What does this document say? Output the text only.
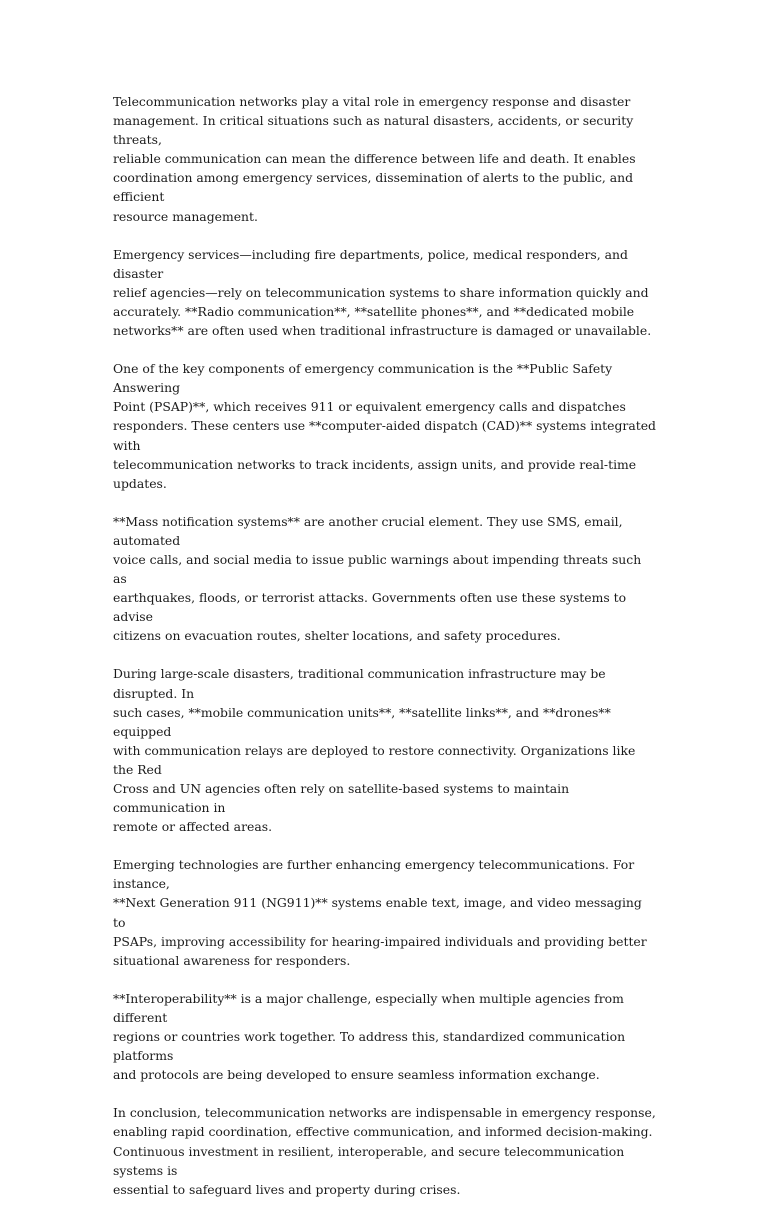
Telecommunication networks play a vital role in emergency response and disaster
management. In critical situations such as natural disasters, accidents, or security threats,
reliable communication can mean the difference between life and death. It enables
coordination among emergency services, dissemination of alerts to the public, and efficient
resource management.

Emergency services—including fire departments, police, medical responders, and disaster
relief agencies—rely on telecommunication systems to share information quickly and
accurately. **Radio communication**, **satellite phones**, and **dedicated mobile
networks** are often used when traditional infrastructure is damaged or unavailable.

One of the key components of emergency communication is the **Public Safety Answering
Point (PSAP)**, which receives 911 or equivalent emergency calls and dispatches
responders. These centers use **computer-aided dispatch (CAD)** systems integrated with
telecommunication networks to track incidents, assign units, and provide real-time updates.

**Mass notification systems** are another crucial element. They use SMS, email, automated
voice calls, and social media to issue public warnings about impending threats such as
earthquakes, floods, or terrorist attacks. Governments often use these systems to advise
citizens on evacuation routes, shelter locations, and safety procedures.

During large-scale disasters, traditional communication infrastructure may be disrupted. In
such cases, **mobile communication units**, **satellite links**, and **drones** equipped
with communication relays are deployed to restore connectivity. Organizations like the Red
Cross and UN agencies often rely on satellite-based systems to maintain communication in
remote or affected areas.

Emerging technologies are further enhancing emergency telecommunications. For instance,
**Next Generation 911 (NG911)** systems enable text, image, and video messaging to
PSAPs, improving accessibility for hearing-impaired individuals and providing better
situational awareness for responders.

**Interoperability** is a major challenge, especially when multiple agencies from different
regions or countries work together. To address this, standardized communication platforms
and protocols are being developed to ensure seamless information exchange.

In conclusion, telecommunication networks are indispensable in emergency response,
enabling rapid coordination, effective communication, and informed decision-making.
Continuous investment in resilient, interoperable, and secure telecommunication systems is
essential to safeguard lives and property during crises.
